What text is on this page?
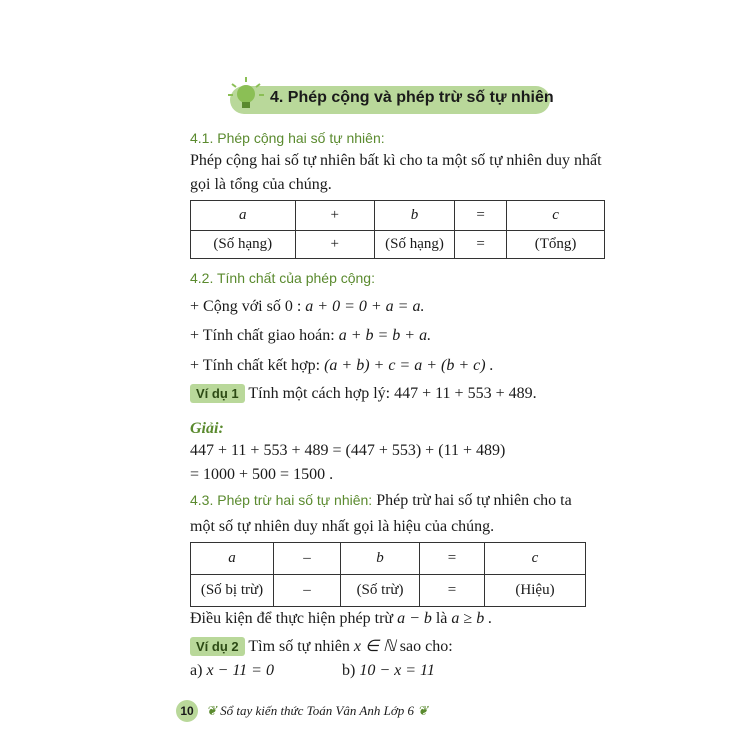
4. Phép cộng và phép trừ số tự nhiên
4.1. Phép cộng hai số tự nhiên:
Phép cộng hai số tự nhiên bất kì cho ta một số tự nhiên duy nhất
gọi là tổng của chúng.
a	+	b	=	c
(Số hạng)	+	(Số hạng)	=	(Tổng)
4.2. Tính chất của phép cộng:
+ Cộng với số 0 : a + 0 = 0 + a = a.
+ Tính chất giao hoán: a + b = b + a.
+ Tính chất kết hợp: (a + b) + c = a + (b + c) .
Ví dụ 1 Tính một cách hợp lý: 447 + 11 + 553 + 489.
Giải:
447 + 11 + 553 + 489 = (447 + 553) + (11 + 489)
= 1000 + 500 = 1500 .
4.3. Phép trừ hai số tự nhiên: Phép trừ hai số tự nhiên cho ta
một số tự nhiên duy nhất gọi là hiệu của chúng.
a	–	b	=	c
(Số bị trừ)	–	(Số trừ)	=	(Hiệu)
Điều kiện để thực hiện phép trừ a − b là a ≥ b .
Ví dụ 2 Tìm số tự nhiên x ∈ ℕ sao cho:
a) x − 11 = 0	b) 10 − x = 11
10 ❦ Sổ tay kiến thức Toán Vân Anh Lớp 6 ❦
